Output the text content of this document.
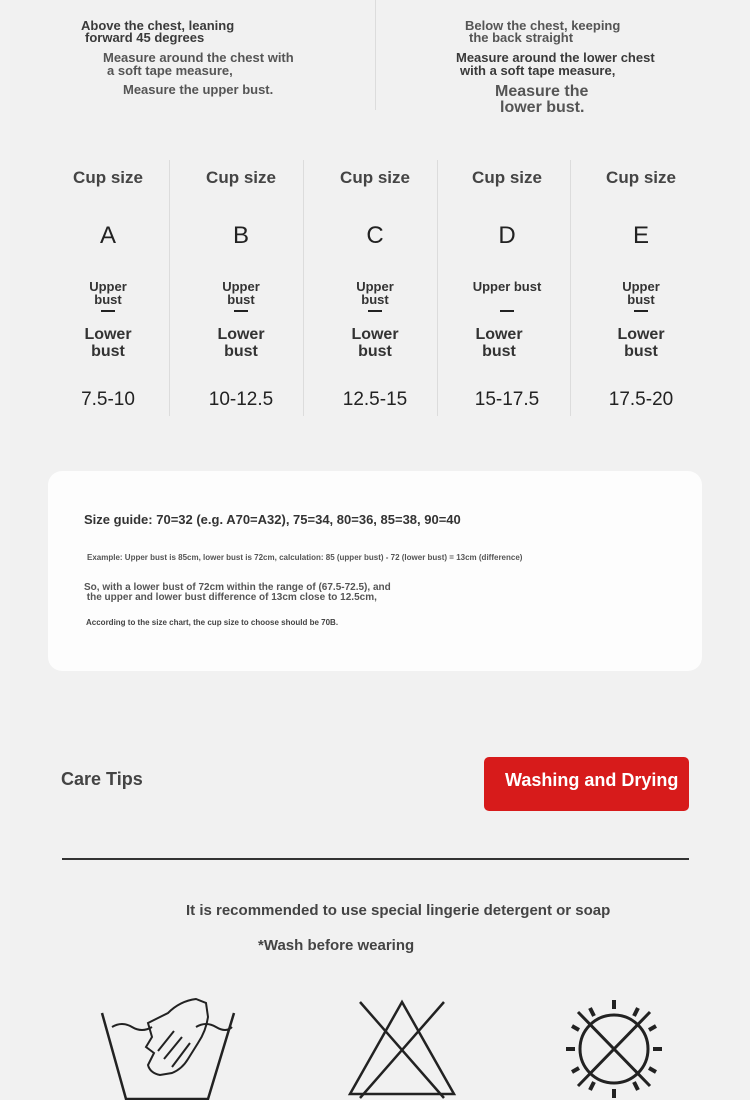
Above the chest, leaning
forward 45 degrees
Measure around the chest with
a soft tape measure,
Measure the upper bust.
Below the chest, keeping
the back straight
Measure around the lower chest
with a soft tape measure,
Measure the
lower bust.
Cup size
A
Upper
bust
Lower
bust
7.5-10
Cup size
B
Upper
bust
Lower
bust
10-12.5
Cup size
C
Upper
bust
Lower
bust
12.5-15
Cup size
D
Upper bust
Lower
bust
15-17.5
Cup size
E
Upper
bust
Lower
bust
17.5-20
Size guide: 70=32 (e.g. A70=A32), 75=34, 80=36, 85=38, 90=40
Example: Upper bust is 85cm, lower bust is 72cm, calculation: 85 (upper bust) - 72 (lower bust) = 13cm (difference)
So, with a lower bust of 72cm within the range of (67.5-72.5), and
the upper and lower bust difference of 13cm close to 12.5cm,
According to the size chart, the cup size to choose should be 70B.
Care Tips	Washing and Drying
It is recommended to use special lingerie detergent or soap
*Wash before wearing
